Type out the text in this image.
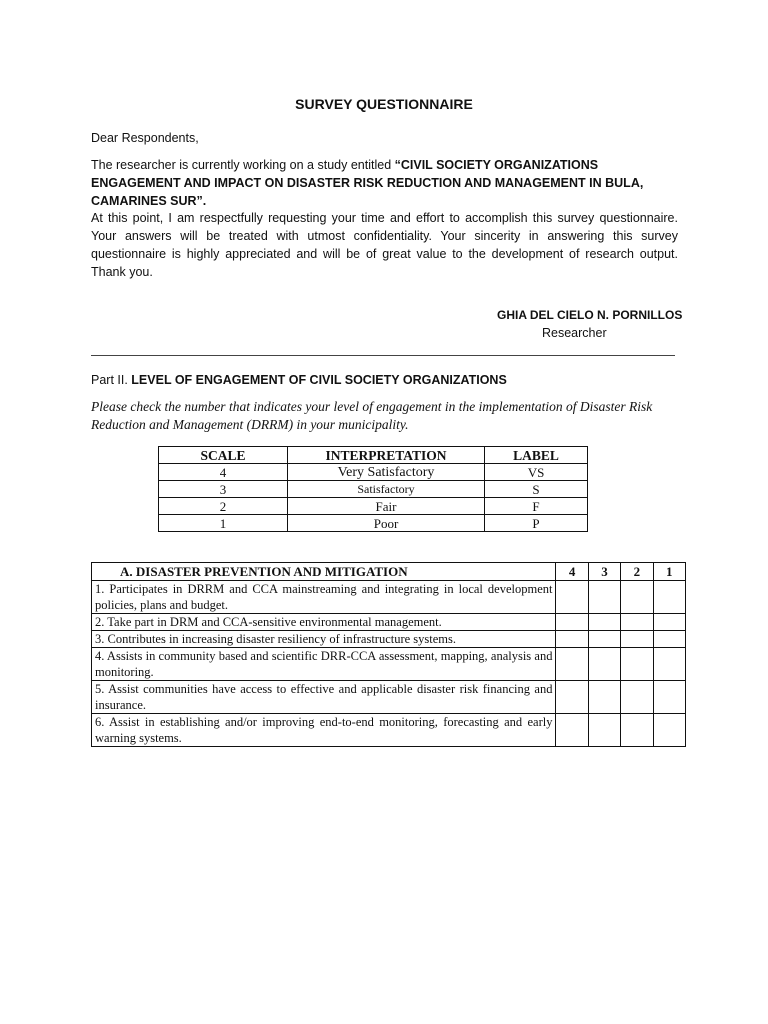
SURVEY QUESTIONNAIRE
Dear Respondents,
The researcher is currently working on a study entitled “CIVIL SOCIETY ORGANIZATIONS ENGAGEMENT AND IMPACT ON DISASTER RISK REDUCTION AND MANAGEMENT IN BULA, CAMARINES SUR”.
At this point, I am respectfully requesting your time and effort to accomplish this survey questionnaire. Your answers will be treated with utmost confidentiality. Your sincerity in answering this survey questionnaire is highly appreciated and will be of great value to the development of research output. Thank you.
GHIA DEL CIELO N. PORNILLOS
Researcher
Part II. LEVEL OF ENGAGEMENT OF CIVIL SOCIETY ORGANIZATIONS
Please check the number that indicates your level of engagement in the implementation of Disaster Risk Reduction and Management (DRRM) in your municipality.
SCALE	INTERPRETATION	LABEL
4	Very Satisfactory	VS
3	Satisfactory	S
2	Fair	F
1	Poor	P
A. DISASTER PREVENTION AND MITIGATION	4	3	2	1
1. Participates in DRRM and CCA mainstreaming and integrating in local development policies, plans and budget.				
2. Take part in DRM and CCA-sensitive environmental management.				
3. Contributes in increasing disaster resiliency of infrastructure systems.				
4. Assists in community based and scientific DRR-CCA assessment, mapping, analysis and monitoring.				
5. Assist communities have access to effective and applicable disaster risk financing and insurance.				
6. Assist in establishing and/or improving end-to-end monitoring, forecasting and early warning systems.				
